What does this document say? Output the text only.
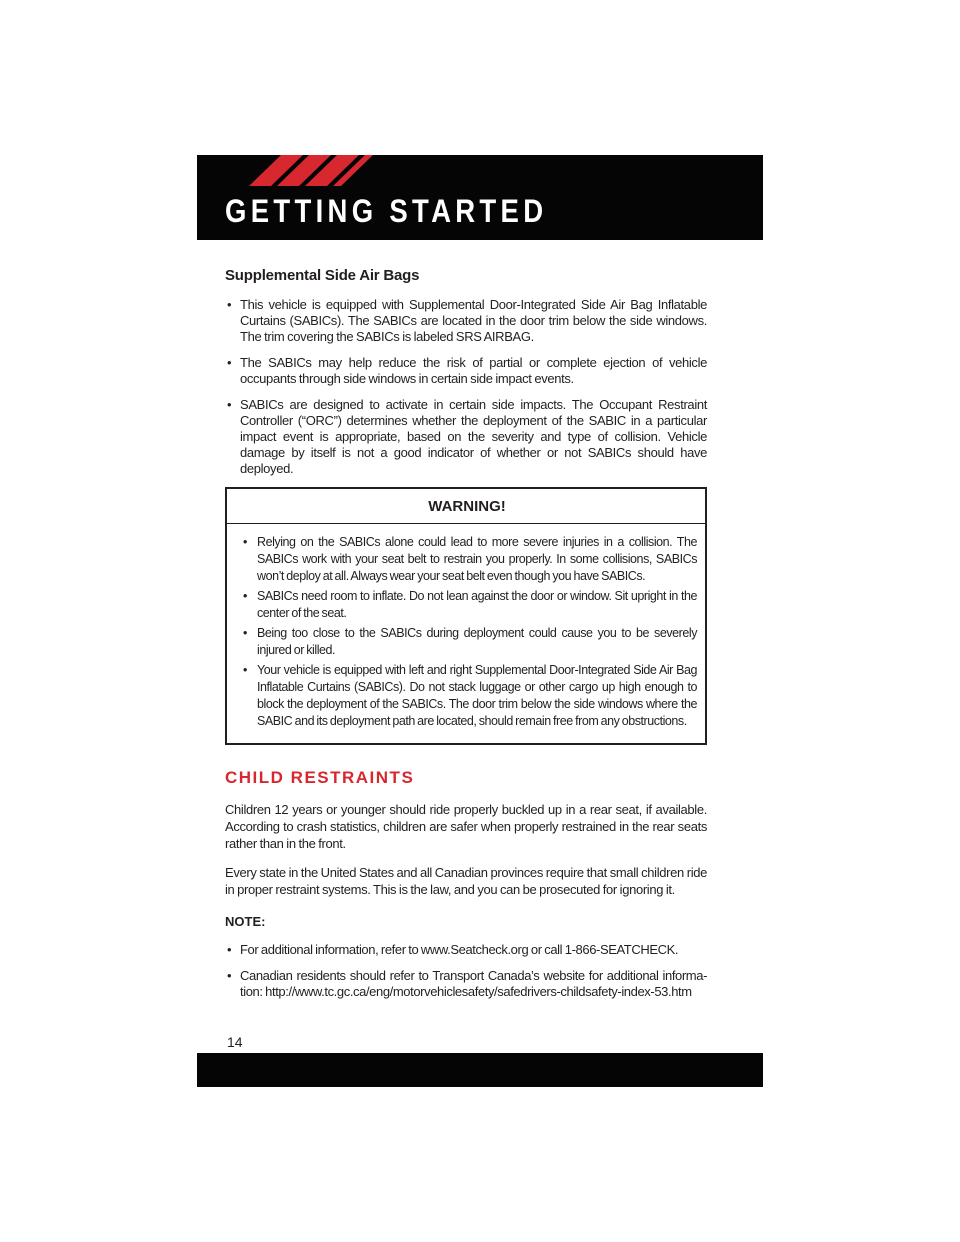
GETTING STARTED
Supplemental Side Air Bags
• This vehicle is equipped with Supplemental Door-Integrated Side Air Bag Inflatable Curtains (SABICs). The SABICs are located in the door trim below the side windows. The trim covering the SABICs is labeled SRS AIRBAG.
• The SABICs may help reduce the risk of partial or complete ejection of vehicle occupants through side windows in certain side impact events.
• SABICs are designed to activate in certain side impacts. The Occupant Restraint Controller (“ORC”) determines whether the deployment of the SABIC in a particular impact event is appropriate, based on the severity and type of collision. Vehicle damage by itself is not a good indicator of whether or not SABICs should have deployed.
WARNING!
• Relying on the SABICs alone could lead to more severe injuries in a collision. The SABICs work with your seat belt to restrain you properly. In some collisions, SABICs won’t deploy at all. Always wear your seat belt even though you have SABICs.
• SABICs need room to inflate. Do not lean against the door or window. Sit upright in the center of the seat.
• Being too close to the SABICs during deployment could cause you to be severely injured or killed.
• Your vehicle is equipped with left and right Supplemental Door-Integrated Side Air Bag Inflatable Curtains (SABICs). Do not stack luggage or other cargo up high enough to block the deployment of the SABICs. The door trim below the side windows where the SABIC and its deployment path are located, should remain free from any obstructions.
CHILD RESTRAINTS

Children 12 years or younger should ride properly buckled up in a rear seat, if available. According to crash statistics, children are safer when properly restrained in the rear seats rather than in the front.

Every state in the United States and all Canadian provinces require that small children ride in proper restraint systems. This is the law, and you can be prosecuted for ignoring it.

NOTE:
• For additional information, refer to www.Seatcheck.org or call 1-866-SEATCHECK.
• Canadian residents should refer to Transport Canada’s website for additional informa-tion: http://www.tc.gc.ca/eng/motorvehiclesafety/safedrivers-childsafety-index-53.htm
14
